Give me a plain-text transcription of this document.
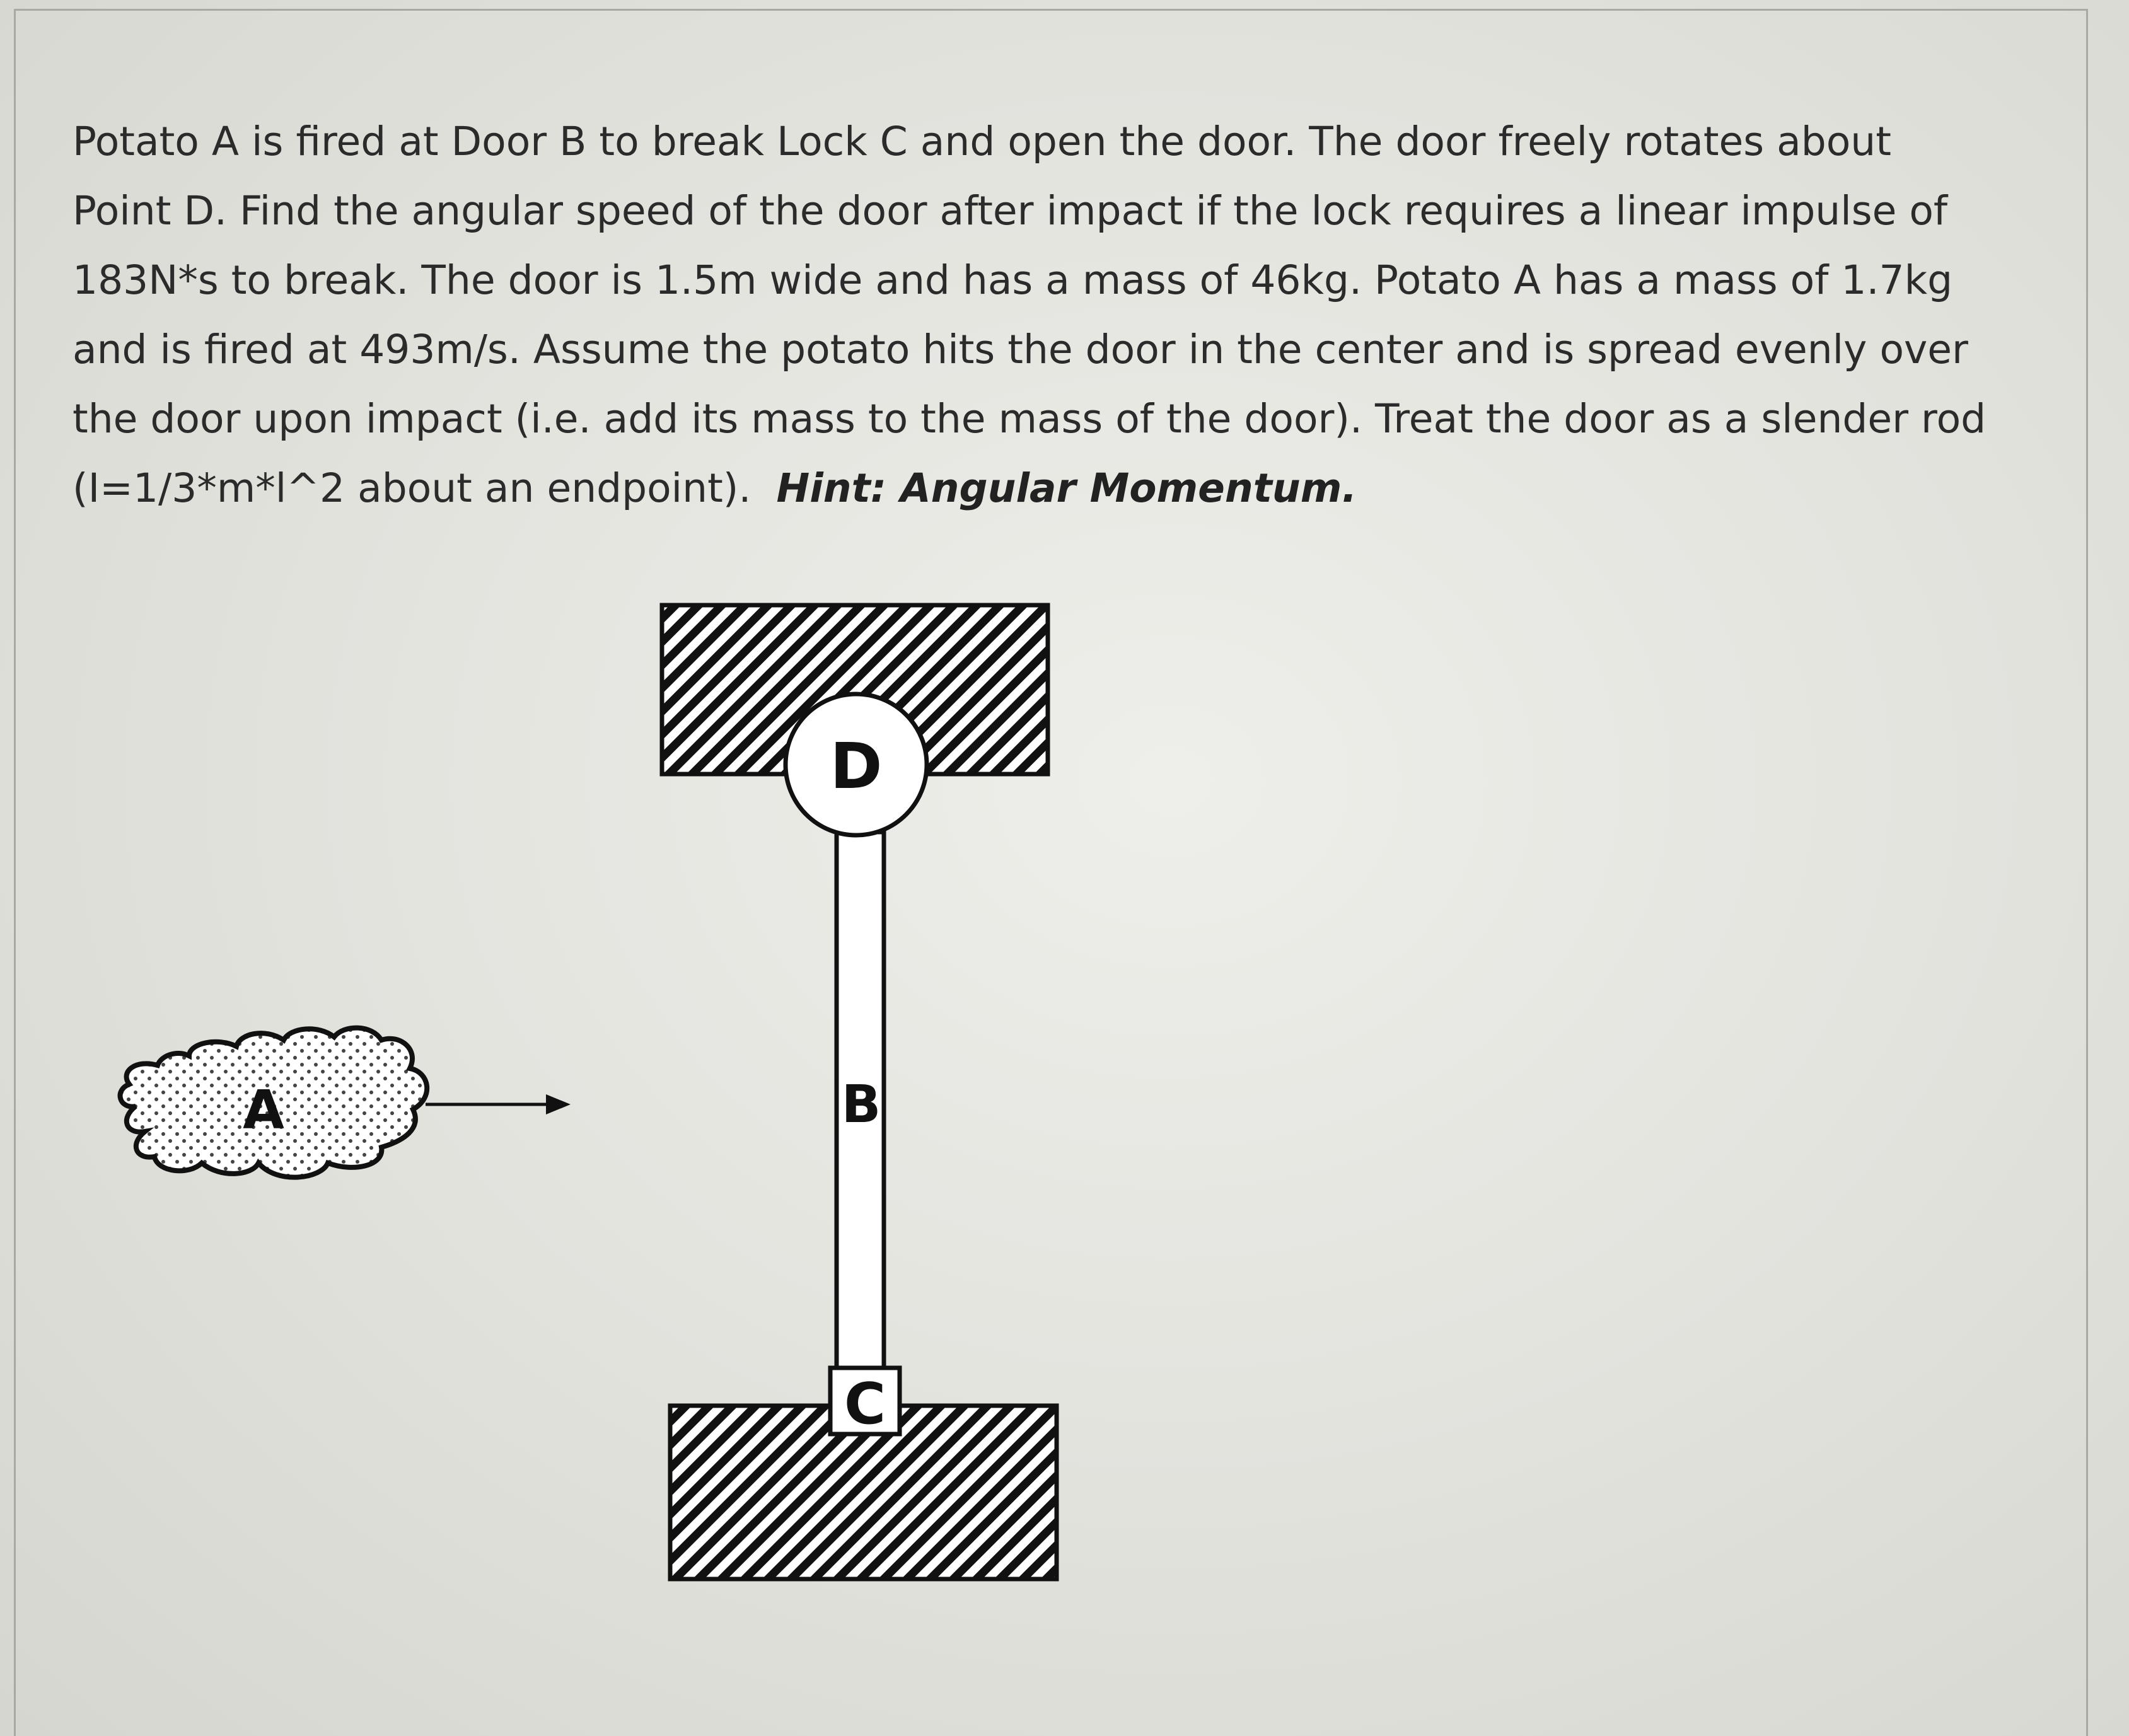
Potato A is fired at Door B to break Lock C and open the door. The door freely rotates about Point D. Find the angular speed of the door after impact if the lock requires a linear impulse of 183N*s to break. The door is 1.5m wide and has a mass of 46kg. Potato A has a mass of 1.7kg and is fired at 493m/s. Assume the potato hits the door in the center and is spread evenly over the door upon impact (i.e. add its mass to the mass of the door). Treat the door as a slender rod (I=1/3*m*l^2 about an endpoint). Hint: Angular Momentum.

D
B
C
A
